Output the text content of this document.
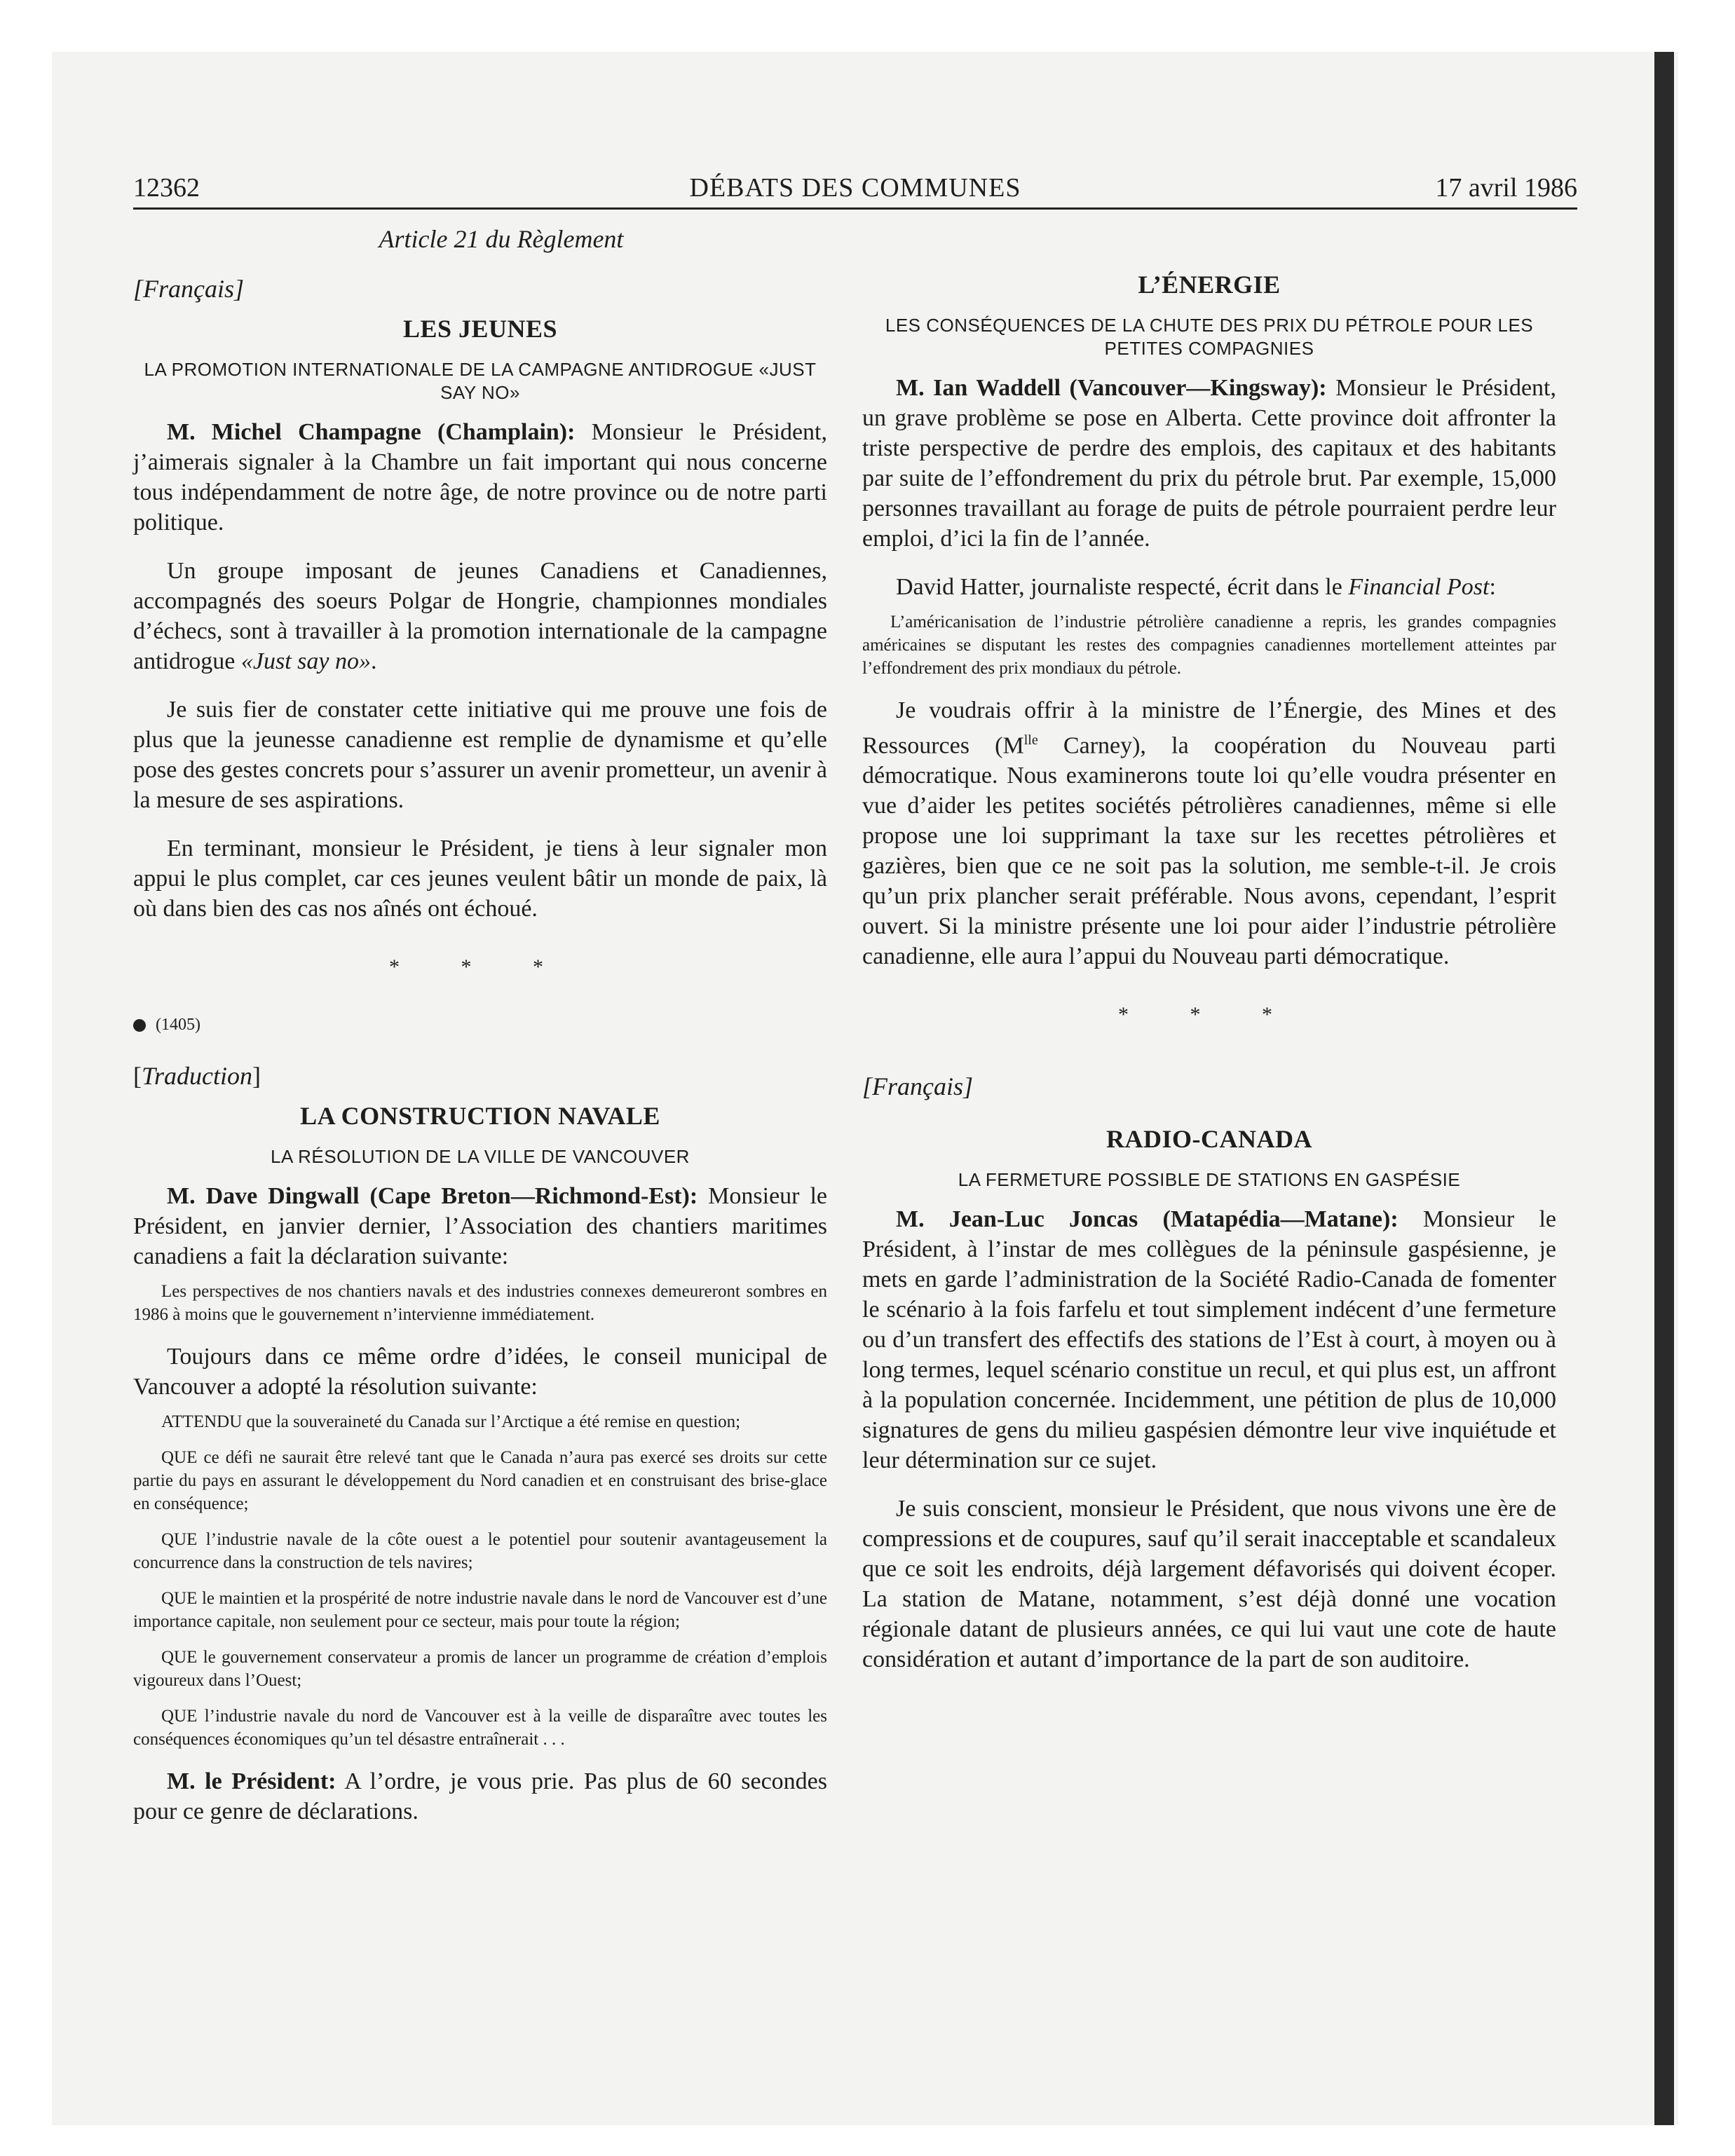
12362	DÉBATS DES COMMUNES	17 avril 1986
Article 21 du Règlement
[Français]
LES JEUNES
LA PROMOTION INTERNATIONALE DE LA CAMPAGNE ANTIDROGUE «JUST SAY NO»

M. Michel Champagne (Champlain): Monsieur le Président, j’aimerais signaler à la Chambre un fait important qui nous concerne tous indépendamment de notre âge, de notre province ou de notre parti politique.

Un groupe imposant de jeunes Canadiens et Canadiennes, accompagnés des soeurs Polgar de Hongrie, championnes mondiales d’échecs, sont à travailler à la promotion internationale de la campagne antidrogue «Just say no».

Je suis fier de constater cette initiative qui me prouve une fois de plus que la jeunesse canadienne est remplie de dynamisme et qu’elle pose des gestes concrets pour s’assurer un avenir prometteur, un avenir à la mesure de ses aspirations.

En terminant, monsieur le Président, je tiens à leur signaler mon appui le plus complet, car ces jeunes veulent bâtir un monde de paix, là où dans bien des cas nos aînés ont échoué.

* * *
(1405)
[Traduction]
LA CONSTRUCTION NAVALE
LA RÉSOLUTION DE LA VILLE DE VANCOUVER

M. Dave Dingwall (Cape Breton—Richmond-Est): Monsieur le Président, en janvier dernier, l’Association des chantiers maritimes canadiens a fait la déclaration suivante:

Les perspectives de nos chantiers navals et des industries connexes demeureront sombres en 1986 à moins que le gouvernement n’intervienne immédiatement.

Toujours dans ce même ordre d’idées, le conseil municipal de Vancouver a adopté la résolution suivante:

ATTENDU que la souveraineté du Canada sur l’Arctique a été remise en question;

QUE ce défi ne saurait être relevé tant que le Canada n’aura pas exercé ses droits sur cette partie du pays en assurant le développement du Nord canadien et en construisant des brise-glace en conséquence;

QUE l’industrie navale de la côte ouest a le potentiel pour soutenir avantageusement la concurrence dans la construction de tels navires;

QUE le maintien et la prospérité de notre industrie navale dans le nord de Vancouver est d’une importance capitale, non seulement pour ce secteur, mais pour toute la région;

QUE le gouvernement conservateur a promis de lancer un programme de création d’emplois vigoureux dans l’Ouest;

QUE l’industrie navale du nord de Vancouver est à la veille de disparaître avec toutes les conséquences économiques qu’un tel désastre entraînerait . . .

M. le Président: A l’ordre, je vous prie. Pas plus de 60 secondes pour ce genre de déclarations.

L’ÉNERGIE
LES CONSÉQUENCES DE LA CHUTE DES PRIX DU PÉTROLE POUR LES PETITES COMPAGNIES

M. Ian Waddell (Vancouver—Kingsway): Monsieur le Président, un grave problème se pose en Alberta. Cette province doit affronter la triste perspective de perdre des emplois, des capitaux et des habitants par suite de l’effondrement du prix du pétrole brut. Par exemple, 15,000 personnes travaillant au forage de puits de pétrole pourraient perdre leur emploi, d’ici la fin de l’année.

David Hatter, journaliste respecté, écrit dans le Financial Post:

L’américanisation de l’industrie pétrolière canadienne a repris, les grandes compagnies américaines se disputant les restes des compagnies canadiennes mortellement atteintes par l’effondrement des prix mondiaux du pétrole.

Je voudrais offrir à la ministre de l’Énergie, des Mines et des Ressources ($M^{lle}$ Carney), la coopération du Nouveau parti démocratique. Nous examinerons toute loi qu’elle voudra présenter en vue d’aider les petites sociétés pétrolières canadiennes, même si elle propose une loi supprimant la taxe sur les recettes pétrolières et gazières, bien que ce ne soit pas la solution, me semble-t-il. Je crois qu’un prix plancher serait préférable. Nous avons, cependant, l’esprit ouvert. Si la ministre présente une loi pour aider l’industrie pétrolière canadienne, elle aura l’appui du Nouveau parti démocratique.

* * *
[Français]
RADIO-CANADA
LA FERMETURE POSSIBLE DE STATIONS EN GASPÉSIE

M. Jean-Luc Joncas (Matapédia—Matane): Monsieur le Président, à l’instar de mes collègues de la péninsule gaspésienne, je mets en garde l’administration de la Société Radio-Canada de fomenter le scénario à la fois farfelu et tout simplement indécent d’une fermeture ou d’un transfert des effectifs des stations de l’Est à court, à moyen ou à long termes, lequel scénario constitue un recul, et qui plus est, un affront à la population concernée. Incidemment, une pétition de plus de 10,000 signatures de gens du milieu gaspésien démontre leur vive inquiétude et leur détermination sur ce sujet.

Je suis conscient, monsieur le Président, que nous vivons une ère de compressions et de coupures, sauf qu’il serait inacceptable et scandaleux que ce soit les endroits, déjà largement défavorisés qui doivent écoper. La station de Matane, notamment, s’est déjà donné une vocation régionale datant de plusieurs années, ce qui lui vaut une cote de haute considération et autant d’importance de la part de son auditoire.
